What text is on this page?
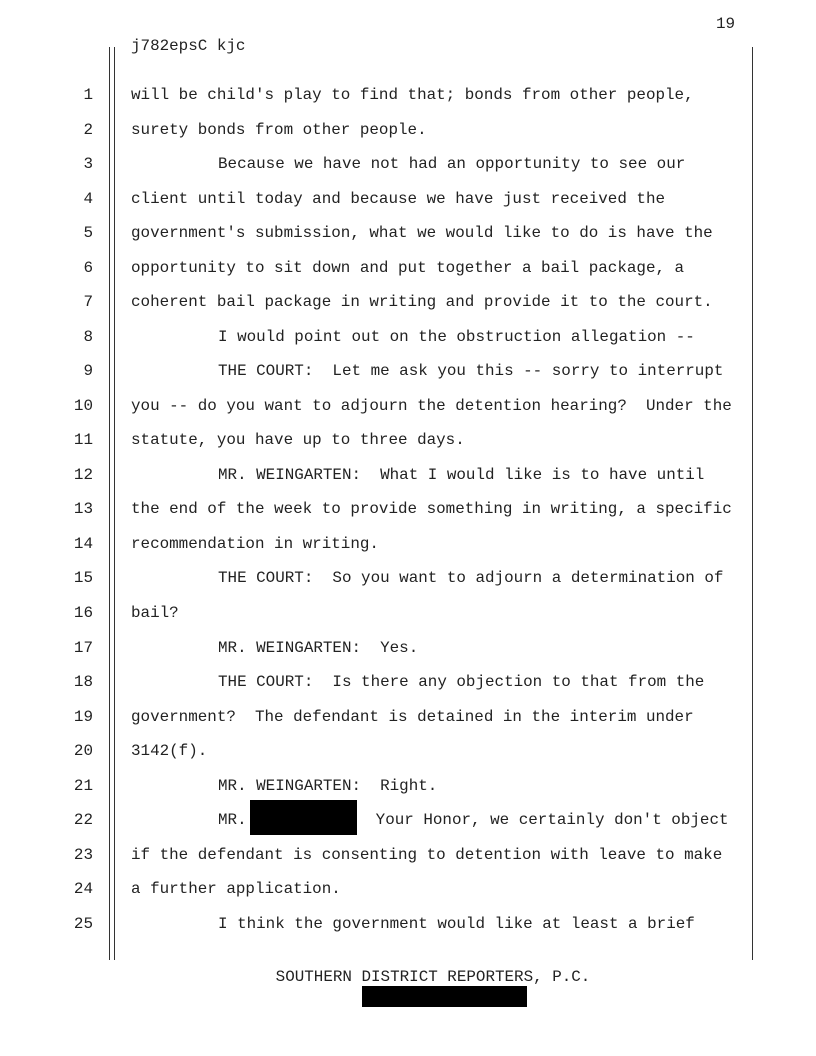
19
j782epsC kjc
1 will be child's play to find that; bonds from other people,
2 surety bonds from other people.
3	Because we have not had an opportunity to see our
4 client until today and because we have just received the
5 government's submission, what we would like to do is have the
6 opportunity to sit down and put together a bail package, a
7 coherent bail package in writing and provide it to the court.
8	I would point out on the obstruction allegation --
9	THE COURT:  Let me ask you this -- sorry to interrupt
10 you -- do you want to adjourn the detention hearing?  Under the
11 statute, you have up to three days.
12	MR. WEINGARTEN:  What I would like is to have until
13 the end of the week to provide something in writing, a specific
14 recommendation in writing.
15	THE COURT:  So you want to adjourn a determination of
16 bail?
17	MR. WEINGARTEN:  Yes.
18	THE COURT:  Is there any objection to that from the
19 government?  The defendant is detained in the interim under
20 3142(f).
21	MR. WEINGARTEN:  Right.
22	MR.	Your Honor, we certainly don't object
23 if the defendant is consenting to detention with leave to make
24 a further application.
25	I think the government would like at least a brief
SOUTHERN DISTRICT REPORTERS, P.C.
